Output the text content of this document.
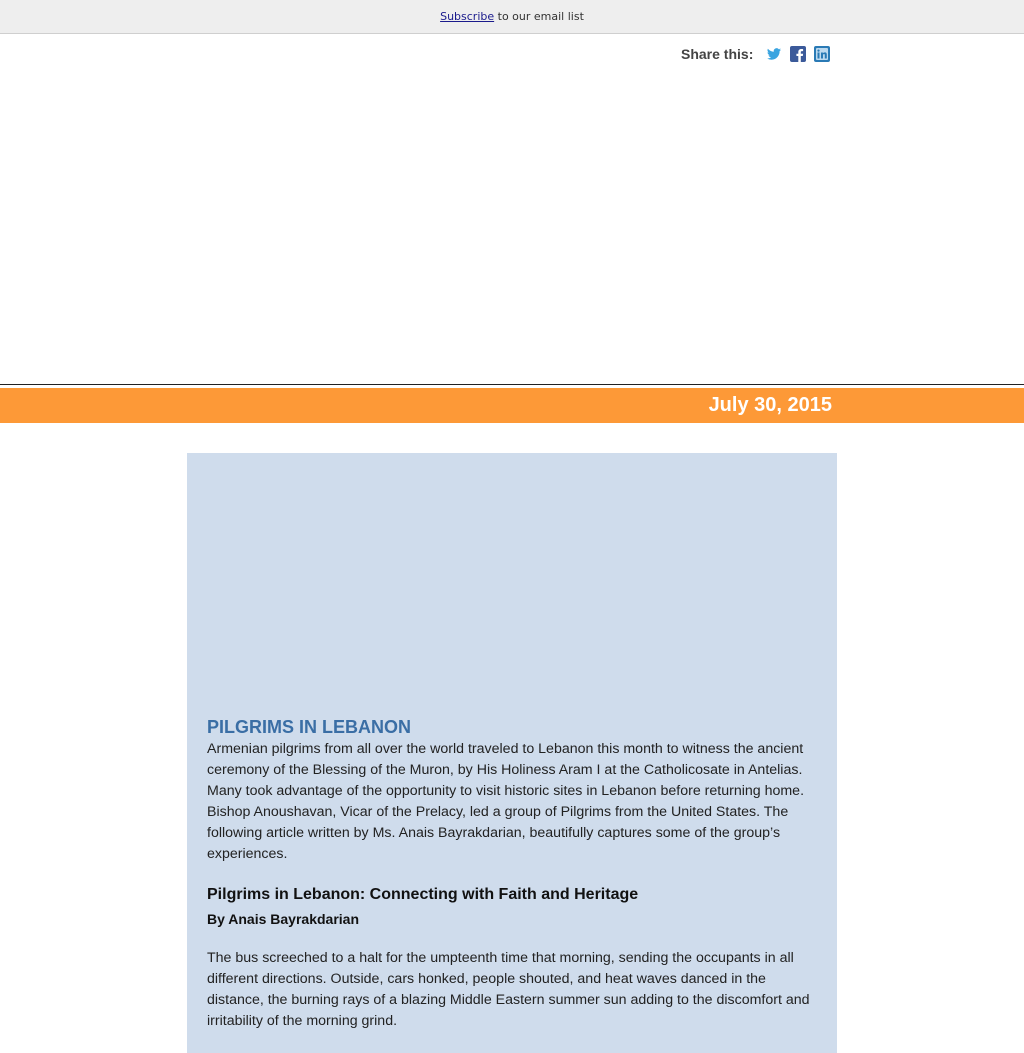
Subscribe to our email list
Share this:
July 30, 2015
PILGRIMS IN LEBANON

Armenian pilgrims from all over the world traveled to Lebanon this month to witness the ancient ceremony of the Blessing of the Muron, by His Holiness Aram I at the Catholicosate in Antelias. Many took advantage of the opportunity to visit historic sites in Lebanon before returning home. Bishop Anoushavan, Vicar of the Prelacy, led a group of Pilgrims from the United States. The following article written by Ms. Anais Bayrakdarian, beautifully captures some of the group’s experiences.

Pilgrims in Lebanon: Connecting with Faith and Heritage

By Anais Bayrakdarian

The bus screeched to a halt for the umpteenth time that morning, sending the occupants in all different directions. Outside, cars honked, people shouted, and heat waves danced in the distance, the burning rays of a blazing Middle Eastern summer sun adding to the discomfort and irritability of the morning grind.
